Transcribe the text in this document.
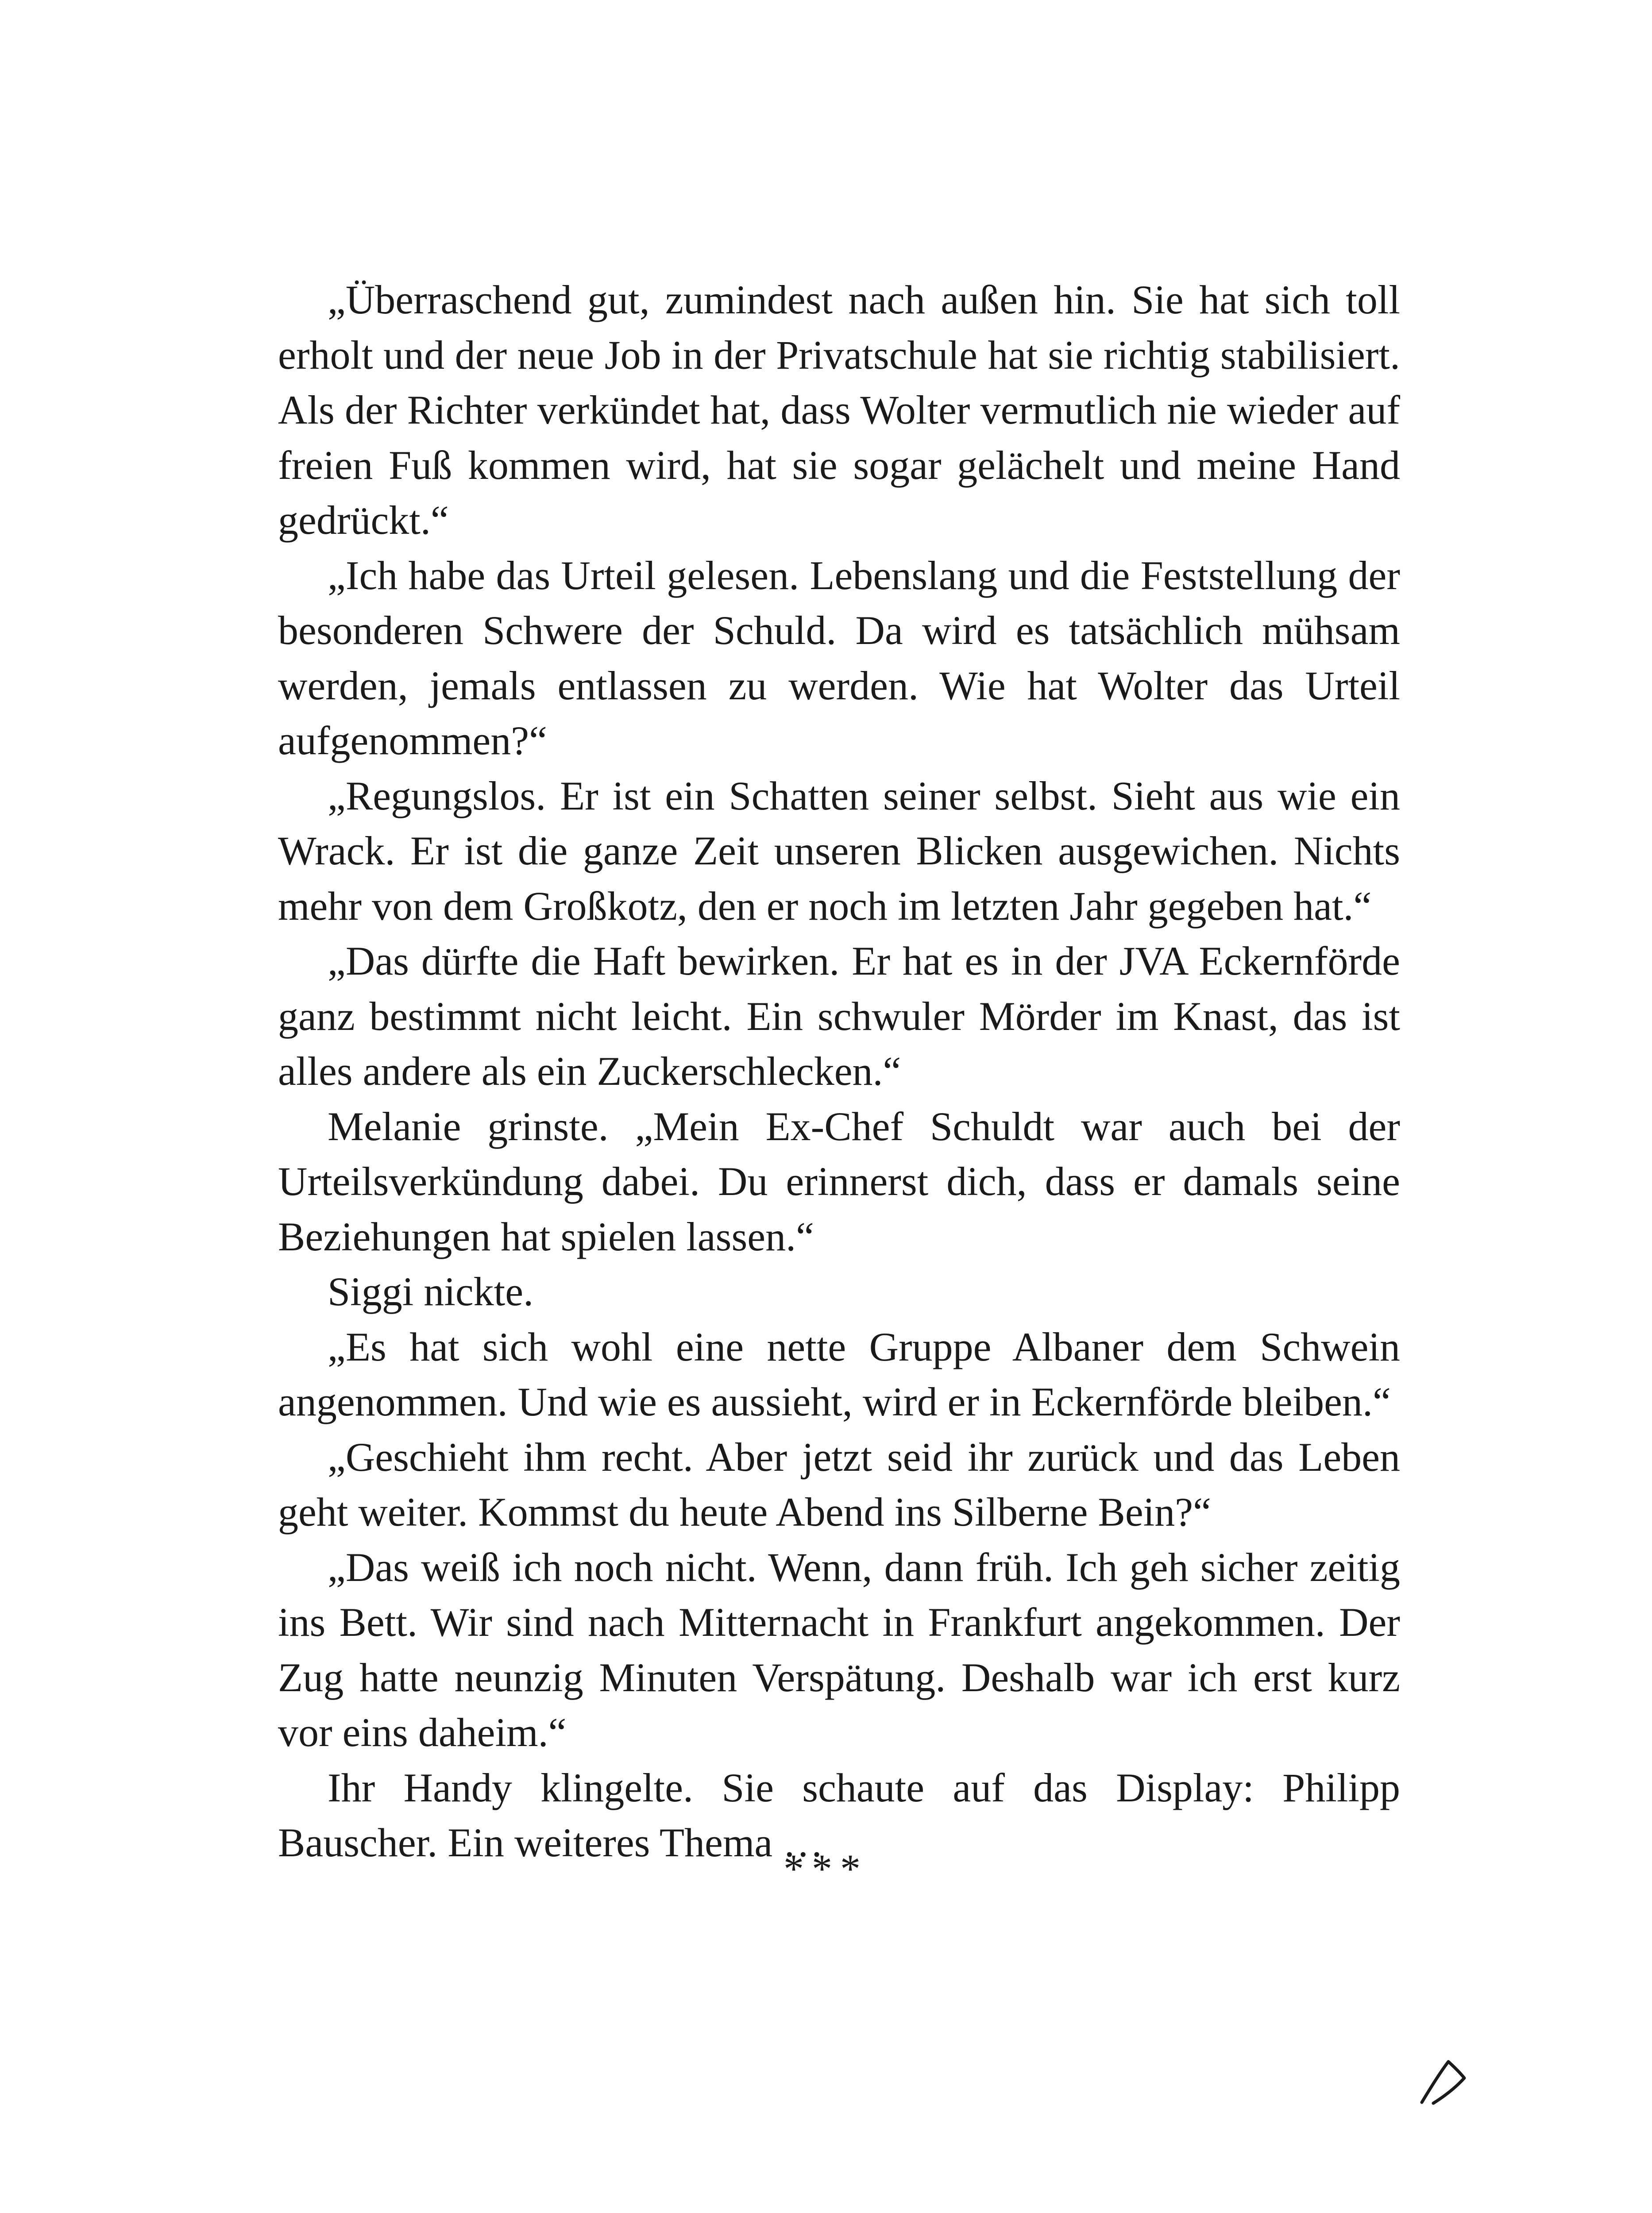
„Überraschend gut, zumindest nach außen hin. Sie hat sich toll erholt und der neue Job in der Privatschule hat sie richtig stabilisiert. Als der Richter verkündet hat, dass Wolter vermutlich nie wieder auf freien Fuß kommen wird, hat sie sogar gelächelt und meine Hand gedrückt.“

„Ich habe das Urteil gelesen. Lebenslang und die Feststellung der besonderen Schwere der Schuld. Da wird es tatsächlich mühsam werden, jemals entlassen zu werden. Wie hat Wolter das Urteil aufgenommen?“

„Regungslos. Er ist ein Schatten seiner selbst. Sieht aus wie ein Wrack. Er ist die ganze Zeit unseren Blicken ausgewichen. Nichts mehr von dem Großkotz, den er noch im letzten Jahr gegeben hat.“

„Das dürfte die Haft bewirken. Er hat es in der JVA Eckernförde ganz bestimmt nicht leicht. Ein schwuler Mörder im Knast, das ist alles andere als ein Zuckerschlecken.“

Melanie grinste. „Mein Ex-Chef Schuldt war auch bei der Urteilsverkündung dabei. Du erinnerst dich, dass er damals seine Beziehungen hat spielen lassen.“

Siggi nickte.

„Es hat sich wohl eine nette Gruppe Albaner dem Schwein angenommen. Und wie es aussieht, wird er in Eckernförde bleiben.“

„Geschieht ihm recht. Aber jetzt seid ihr zurück und das Leben geht weiter. Kommst du heute Abend ins Silberne Bein?“

„Das weiß ich noch nicht. Wenn, dann früh. Ich geh sicher zeitig ins Bett. Wir sind nach Mitternacht in Frankfurt angekommen. Der Zug hatte neunzig Minuten Verspätung. Deshalb war ich erst kurz vor eins daheim.“

Ihr Handy klingelte. Sie schaute auf das Display: Philipp Bauscher. Ein weiteres Thema …

***
